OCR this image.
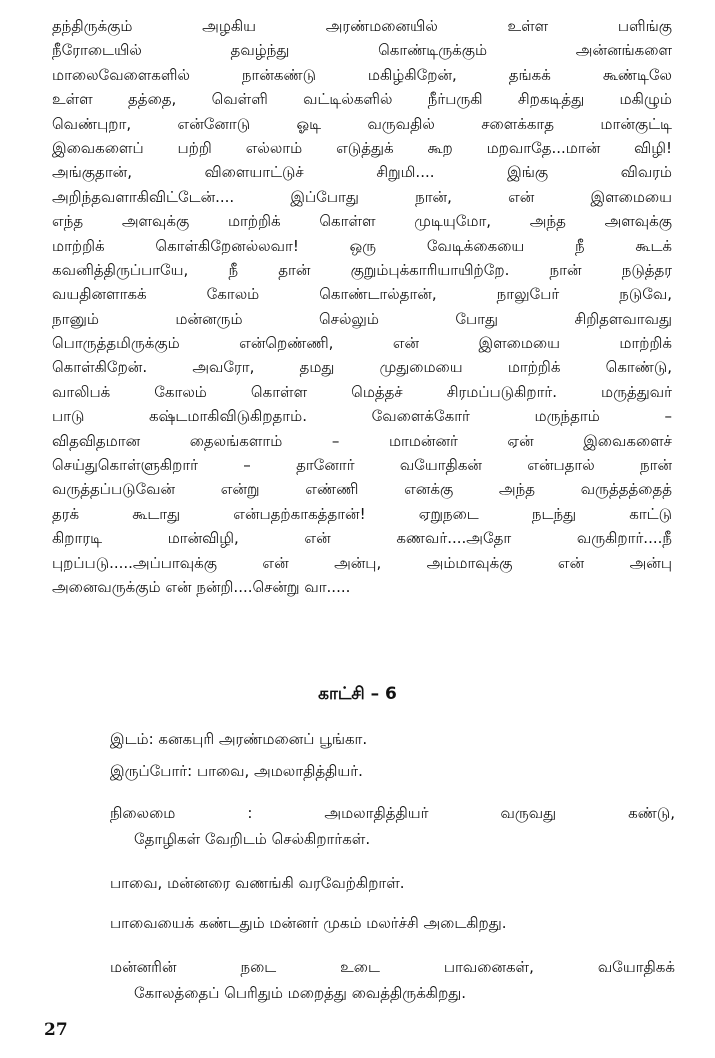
தந்திருக்கும் அழகிய அரண்மனையில் உள்ள பளிங்கு
நீரோடையில் தவழ்ந்து கொண்டிருக்கும் அன்னங்களை
மாலைவேளைகளில் நான்கண்டு மகிழ்கிறேன், தங்கக் கூண்டிலே
உள்ள தத்தை, வெள்ளி வட்டில்களில் நீர்பருகி சிறகடித்து மகிழும்
வெண்புறா, என்னோடு ஓடி வருவதில் சளைக்காத மான்குட்டி
இவைகளைப் பற்றி எல்லாம் எடுத்துக் கூற மறவாதே...மான் விழி!
அங்குதான், விளையாட்டுச் சிறுமி.... இங்கு விவரம்
அறிந்தவளாகிவிட்டேன்.... இப்போது நான், என் இளமையை
எந்த அளவுக்கு மாற்றிக் கொள்ள முடியுமோ, அந்த அளவுக்கு
மாற்றிக் கொள்கிறேனல்லவா! ஒரு வேடிக்கையை நீ கூடக்
கவனித்திருப்பாயே, நீ தான் குறும்புக்காரியாயிற்றே. நான் நடுத்தர
வயதினளாகக் கோலம் கொண்டால்தான், நாலுபேர் நடுவே,
நானும் மன்னரும் செல்லும் போது சிறிதளவாவது
பொருத்தமிருக்கும் என்றெண்ணி, என் இளமையை மாற்றிக்
கொள்கிறேன். அவரோ, தமது முதுமையை மாற்றிக் கொண்டு,
வாலிபக் கோலம் கொள்ள மெத்தச் சிரமப்படுகிறார். மருத்துவர்
பாடு கஷ்டமாகிவிடுகிறதாம். வேளைக்கோர் மருந்தாம் –
விதவிதமான தைலங்களாம் – மாமன்னர் ஏன் இவைகளைச்
செய்துகொள்ளுகிறார் – தானோர் வயோதிகன் என்பதால் நான்
வருத்தப்படுவேன் என்று எண்ணி எனக்கு அந்த வருத்தத்தைத்
தரக் கூடாது என்பதற்காகத்தான்! ஏறுநடை நடந்து காட்டு
கிறாரடி மான்விழி, என் கணவர்....அதோ வருகிறார்....நீ
புறப்படு.....அப்பாவுக்கு என் அன்பு, அம்மாவுக்கு என் அன்பு
அனைவருக்கும் என் நன்றி....சென்று வா.....
காட்சி – 6
இடம்: கனகபுரி அரண்மனைப் பூங்கா.
இருப்போர்: பாவை, அமலாதித்தியர்.
நிலைமை : அமலாதித்தியர் வருவது கண்டு,
தோழிகள் வேறிடம் செல்கிறார்கள்.
பாவை, மன்னரை வணங்கி வரவேற்கிறாள்.
பாவையைக் கண்டதும் மன்னர் முகம் மலர்ச்சி அடைகிறது.
மன்னரின் நடை உடை பாவனைகள், வயோதிகக்
கோலத்தைப் பெரிதும் மறைத்து வைத்திருக்கிறது.
27
